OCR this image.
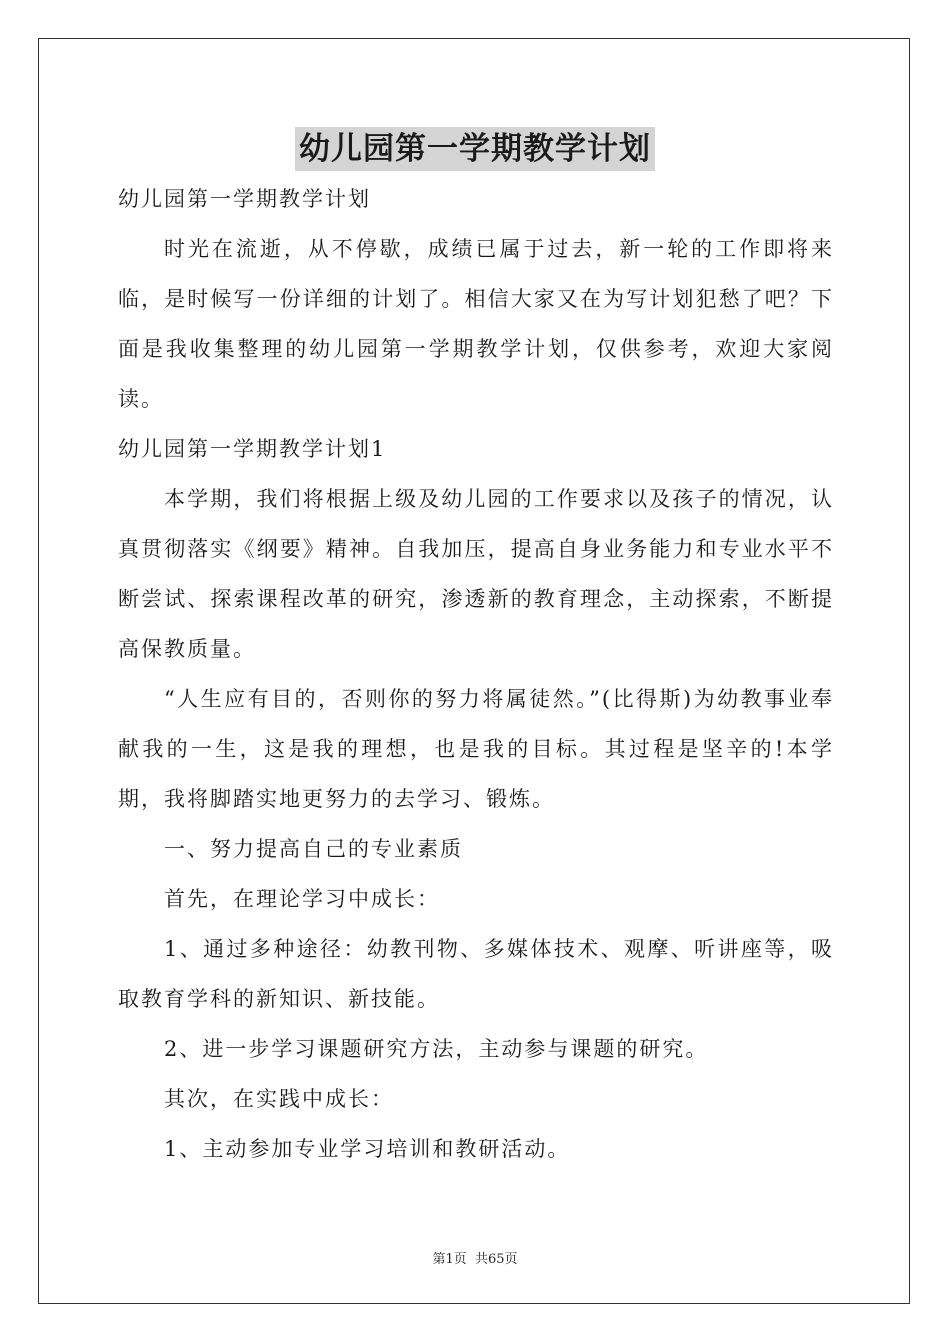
幼儿园第一学期教学计划

幼儿园第一学期教学计划

时光在流逝，从不停歇，成绩已属于过去，新一轮的工作即将来临，是时候写一份详细的计划了。相信大家又在为写计划犯愁了吧？下面是我收集整理的幼儿园第一学期教学计划，仅供参考，欢迎大家阅读。

幼儿园第一学期教学计划1

本学期，我们将根据上级及幼儿园的工作要求以及孩子的情况，认真贯彻落实《纲要》精神。自我加压，提高自身业务能力和专业水平不断尝试、探索课程改革的研究，渗透新的教育理念，主动探索，不断提高保教质量。

“人生应有目的，否则你的努力将属徒然。”(比得斯)为幼教事业奉献我的一生，这是我的理想，也是我的目标。其过程是坚辛的!本学期，我将脚踏实地更努力的去学习、锻炼。

一、努力提高自己的专业素质

首先，在理论学习中成长：

1、通过多种途径：幼教刊物、多媒体技术、观摩、听讲座等，吸取教育学科的新知识、新技能。

2、进一步学习课题研究方法，主动参与课题的研究。

其次，在实践中成长：

1、主动参加专业学习培训和教研活动。

第1页 共65页
